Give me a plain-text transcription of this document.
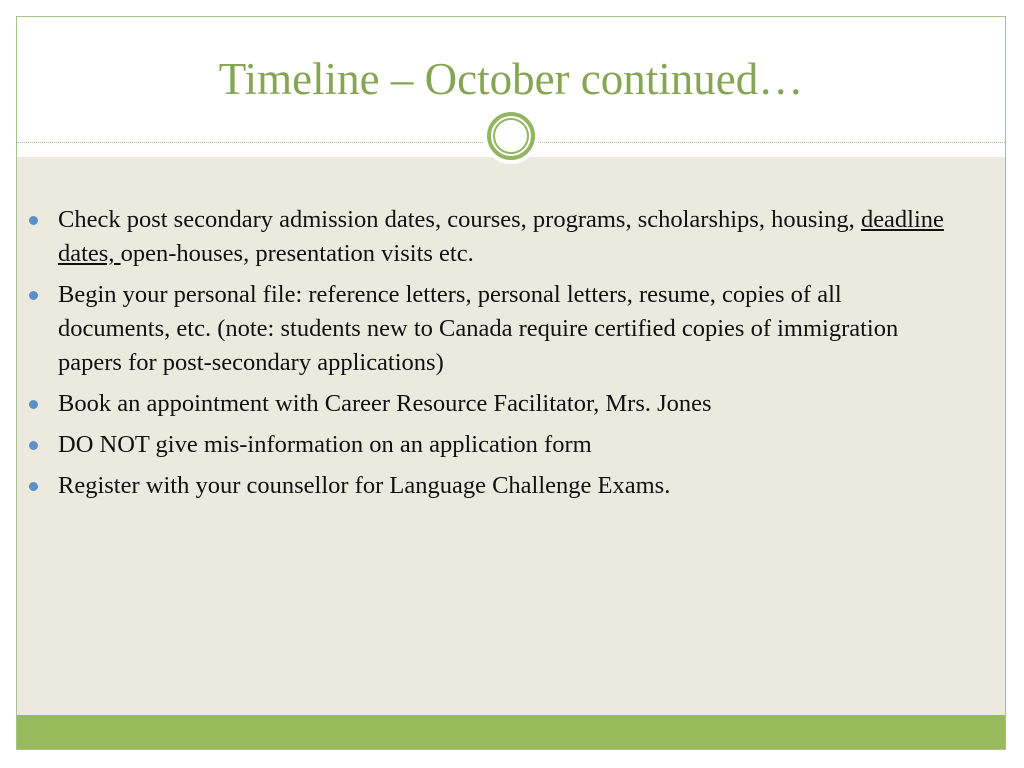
Timeline – October continued…
Check post secondary admission dates, courses, programs, scholarships, housing, deadline dates, open-houses, presentation visits etc.
Begin your personal file: reference letters, personal letters, resume, copies of all documents, etc. (note: students new to Canada require certified copies of immigration papers for post-secondary applications)
Book an appointment with Career Resource Facilitator, Mrs. Jones
DO NOT give mis-information on an application form
Register with your counsellor for Language Challenge Exams.
